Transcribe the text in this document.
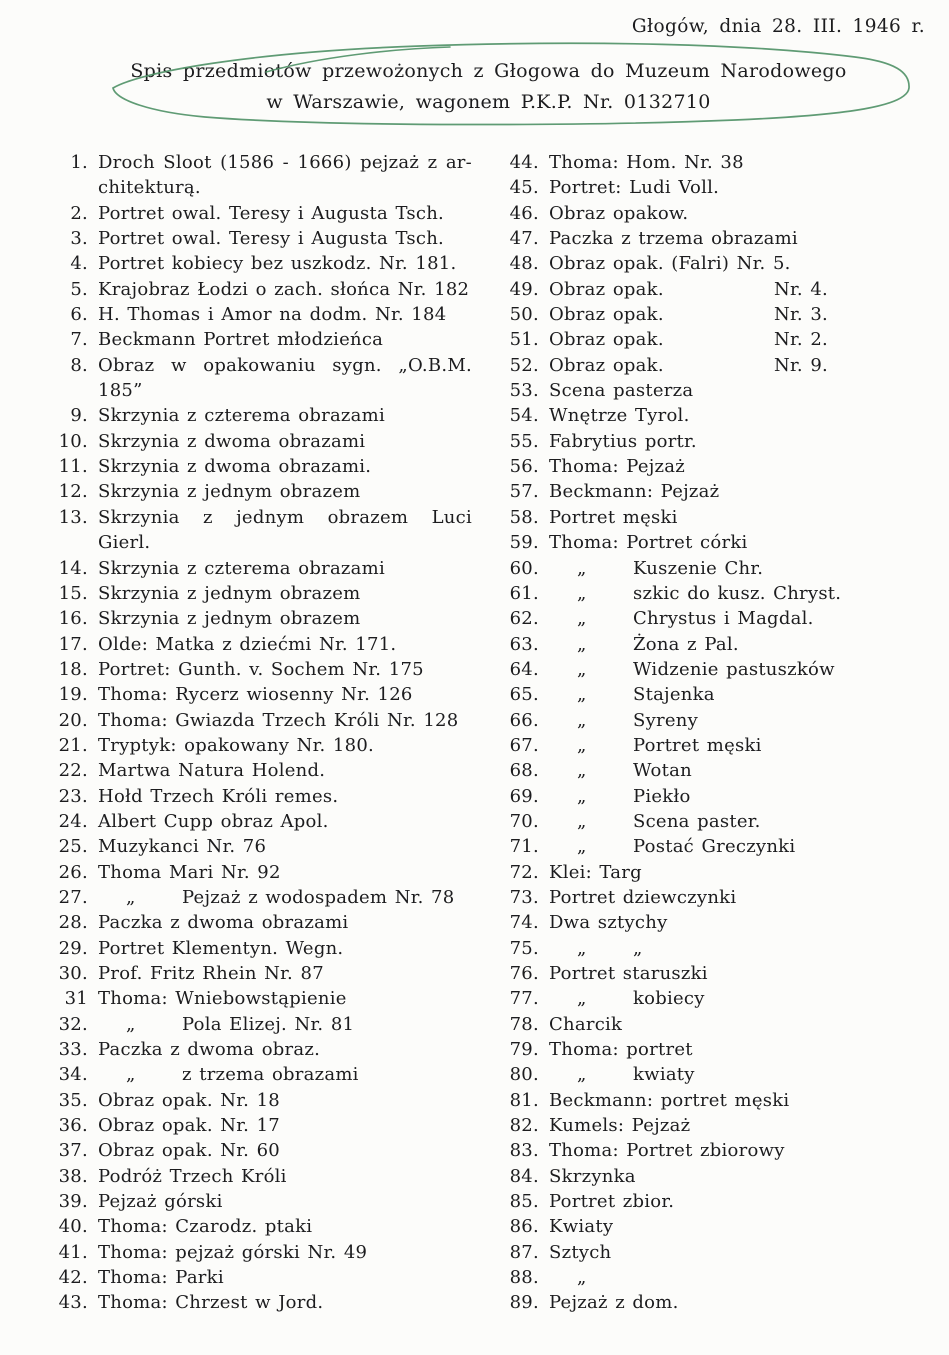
Głogów, dnia 28. III. 1946 r.
Spis przedmiotów przewożonych z Głogowa do Muzeum Narodowego
w Warszawie, wagonem P.K.P. Nr. 0132710
1. Droch Sloot (1586 - 1666) pejzaż z ar-
chitekturą.
2. Portret owal. Teresy i Augusta Tsch.
3. Portret owal. Teresy i Augusta Tsch.
4. Portret kobiecy bez uszkodz. Nr. 181.
5. Krajobraz Łodzi o zach. słońca Nr. 182
6. H. Thomas i Amor na dodm. Nr. 184
7. Beckmann Portret młodzieńca
8. Obraz w opakowaniu sygn. „O.B.M.
185”
9. Skrzynia z czterema obrazami
10. Skrzynia z dwoma obrazami
11. Skrzynia z dwoma obrazami.
12. Skrzynia z jednym obrazem
13. Skrzynia z jednym obrazem Luci
Gierl.
14. Skrzynia z czterema obrazami
15. Skrzynia z jednym obrazem
16. Skrzynia z jednym obrazem
17. Olde: Matka z dziećmi Nr. 171.
18. Portret: Gunth. v. Sochem Nr. 175
19. Thoma: Rycerz wiosenny Nr. 126
20. Thoma: Gwiazda Trzech Króli Nr. 128
21. Tryptyk: opakowany Nr. 180.
22. Martwa Natura Holend.
23. Hołd Trzech Króli remes.
24. Albert Cupp obraz Apol.
25. Muzykanci Nr. 76
26. Thoma Mari Nr. 92
27.	„	Pejzaż z wodospadem Nr. 78
28. Paczka z dwoma obrazami
29. Portret Klementyn. Wegn.
30. Prof. Fritz Rhein Nr. 87
31 Thoma: Wniebowstąpienie
32.	„	Pola Elizej. Nr. 81
33. Paczka z dwoma obraz.
34.	„	z trzema obrazami
35. Obraz opak. Nr. 18
36. Obraz opak. Nr. 17
37. Obraz opak. Nr. 60
38. Podróż Trzech Króli
39. Pejzaż górski
40. Thoma: Czarodz. ptaki
41. Thoma: pejzaż górski Nr. 49
42. Thoma: Parki
43. Thoma: Chrzest w Jord.
44. Thoma: Hom. Nr. 38
45. Portret: Ludi Voll.
46. Obraz opakow.
47. Paczka z trzema obrazami
48. Obraz opak. (Falri) Nr. 5.
49. Obraz opak.	Nr. 4.
50. Obraz opak.	Nr. 3.
51. Obraz opak.	Nr. 2.
52. Obraz opak.	Nr. 9.
53. Scena pasterza
54. Wnętrze Tyrol.
55. Fabrytius portr.
56. Thoma: Pejzaż
57. Beckmann: Pejzaż
58. Portret męski
59. Thoma: Portret córki
60.	„	Kuszenie Chr.
61.	„	szkic do kusz. Chryst.
62.	„	Chrystus i Magdal.
63.	„	Żona z Pal.
64.	„	Widzenie pastuszków
65.	„	Stajenka
66.	„	Syreny
67.	„	Portret męski
68.	„	Wotan
69.	„	Piekło
70.	„	Scena paster.
71.	„	Postać Greczynki
72. Klei: Targ
73. Portret dziewczynki
74. Dwa sztychy
75.	„	„
76. Portret staruszki
77.	„	kobiecy
78. Charcik
79. Thoma: portret
80.	„	kwiaty
81. Beckmann: portret męski
82. Kumels: Pejzaż
83. Thoma: Portret zbiorowy
84. Skrzynka
85. Portret zbior.
86. Kwiaty
87. Sztych
88.	„
89. Pejzaż z dom.
